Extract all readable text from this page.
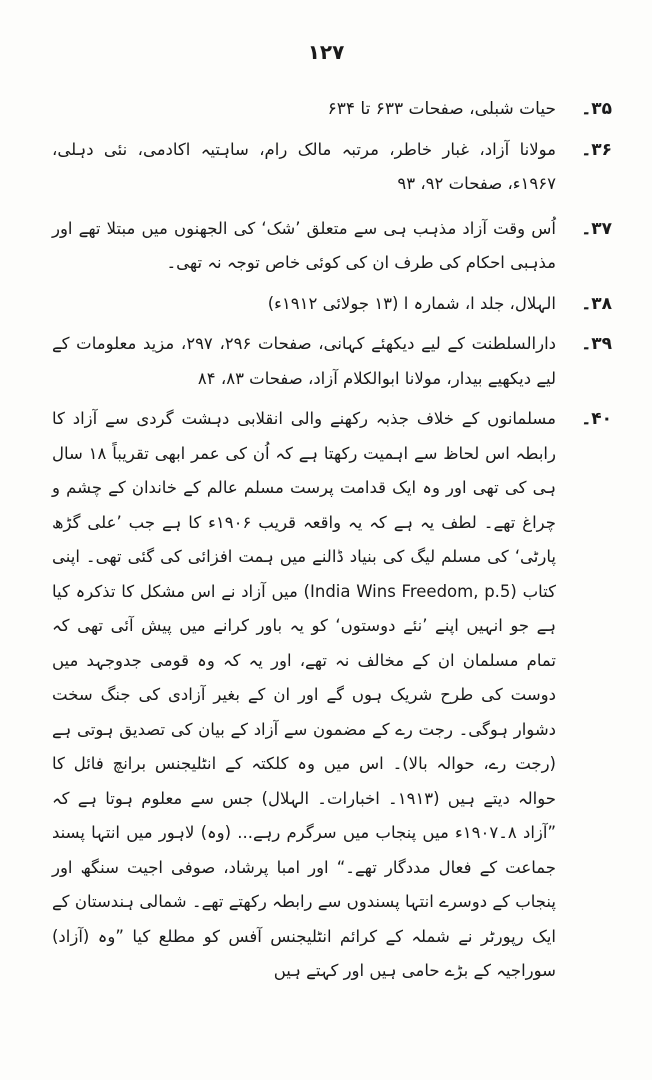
۱۲۷
۳۵۔
حیات شبلی، صفحات ۶۳۳ تا ۶۳۴
۳۶۔
مولانا آزاد، غبار خاطر، مرتبہ مالک رام، ساہتیہ اکادمی، نئی دہلی، ۱۹۶۷ء، صفحات ۹۲، ۹۳
۳۷۔
اُس وقت آزاد مذہب ہی سے متعلق ’شک‘ کی الجھنوں میں مبتلا تھے اور مذہبی احکام کی طرف ان کی کوئی خاص توجہ نہ تھی۔
۳۸۔
الہلال، جلد ا، شمارہ ا (۱۳ جولائی ۱۹۱۲ء)
۳۹۔
دارالسلطنت کے لیے دیکھئے کہانی، صفحات ۲۹۶، ۲۹۷، مزید معلومات کے لیے دیکھیے بیدار، مولانا ابوالکلام آزاد، صفحات ۸۳، ۸۴
۴۰۔
مسلمانوں کے خلاف جذبہ رکھنے والی انقلابی دہشت گردی سے آزاد کا رابطہ اس لحاظ سے اہمیت رکھتا ہے کہ اُن کی عمر ابھی تقریباً ۱۸ سال ہی کی تھی اور وہ ایک قدامت پرست مسلم عالم کے خاندان کے چشم و چراغ تھے۔ لطف یہ ہے کہ یہ واقعہ قریب ۱۹۰۶ء کا ہے جب ’علی گڑھ پارٹی‘ کی مسلم لیگ کی بنیاد ڈالنے میں ہمت افزائی کی گئی تھی۔ اپنی کتاب (India Wins Freedom, p.5) میں آزاد نے اس مشکل کا تذکرہ کیا ہے جو انہیں اپنے ’نئے دوستوں‘ کو یہ باور کرانے میں پیش آئی تھی کہ تمام مسلمان ان کے مخالف نہ تھے، اور یہ کہ وہ قومی جدوجہد میں دوست کی طرح شریک ہوں گے اور ان کے بغیر آزادی کی جنگ سخت دشوار ہوگی۔ رجت رے کے مضمون سے آزاد کے بیان کی تصدیق ہوتی ہے (رجت رے، حوالہ بالا)۔ اس میں وہ کلکتہ کے انٹلیجنس برانچ فائل کا حوالہ دیتے ہیں (۱۹۱۳۔ اخبارات۔ الہلال) جس سے معلوم ہوتا ہے کہ ”آزاد ۸۔۱۹۰۷ء میں پنجاب میں سرگرم رہے... (وہ) لاہور میں انتہا پسند جماعت کے فعال مددگار تھے۔“ اور امبا پرشاد، صوفی اجیت سنگھ اور پنجاب کے دوسرے انتہا پسندوں سے رابطہ رکھتے تھے۔ شمالی ہندستان کے ایک رپورٹر نے شملہ کے کرائم انٹلیجنس آفس کو مطلع کیا ”وہ (آزاد) سوراجیہ کے بڑے حامی ہیں اور کہتے ہیں
